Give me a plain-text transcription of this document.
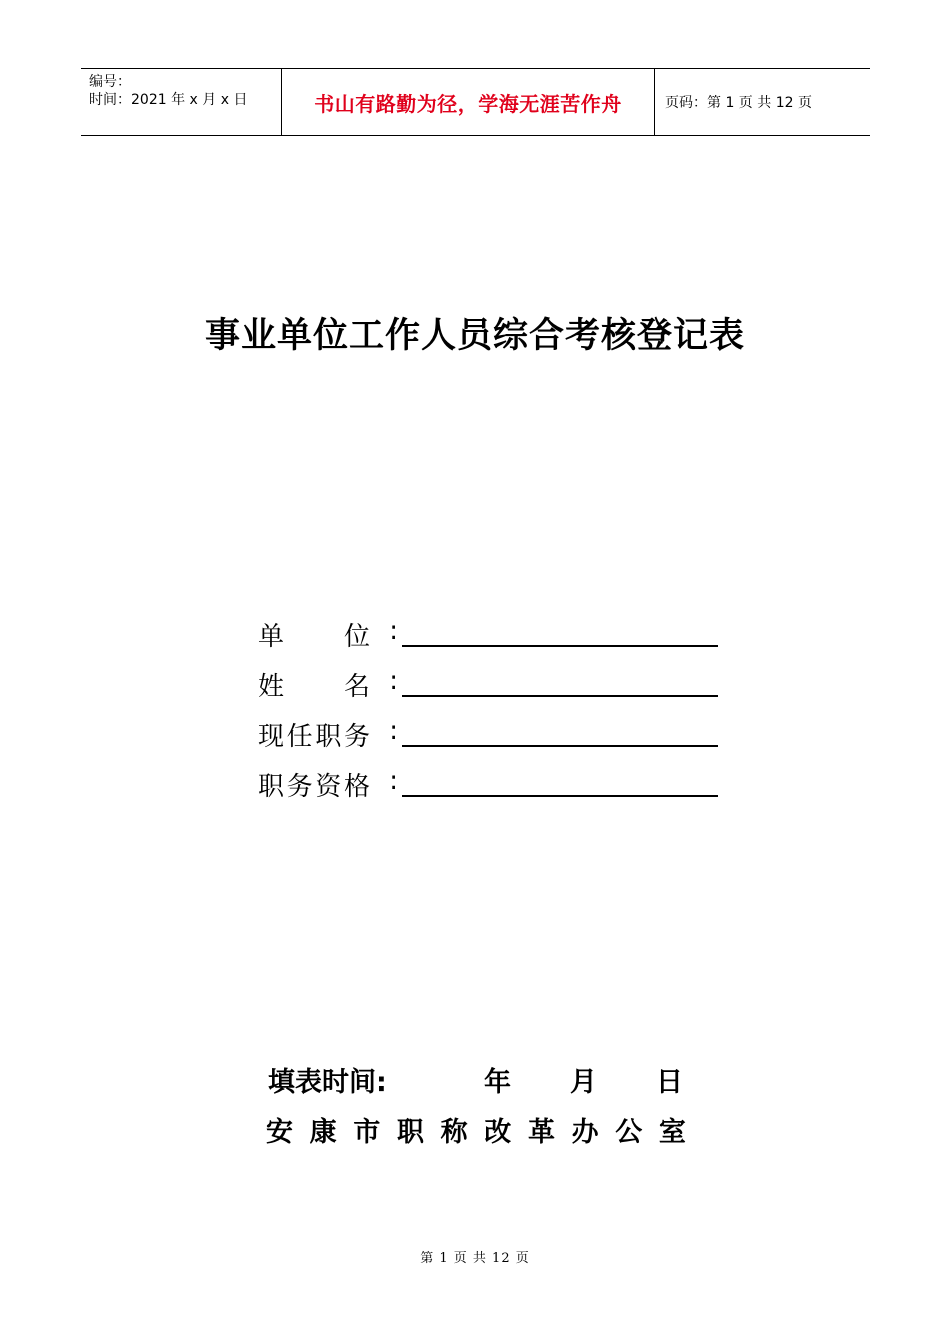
编号：
时间：2021 年 x 月 x 日	书山有路勤为径，学海无涯苦作舟	页码：第 1 页 共 12 页
事业单位工作人员综合考核登记表
单 位 :
姓 名 :
现 任 职 务 :
职 务 资 格 :
填表时间:	年 月 日
安 康 市 职 称 改 革 办 公 室
第 1 页 共 12 页
